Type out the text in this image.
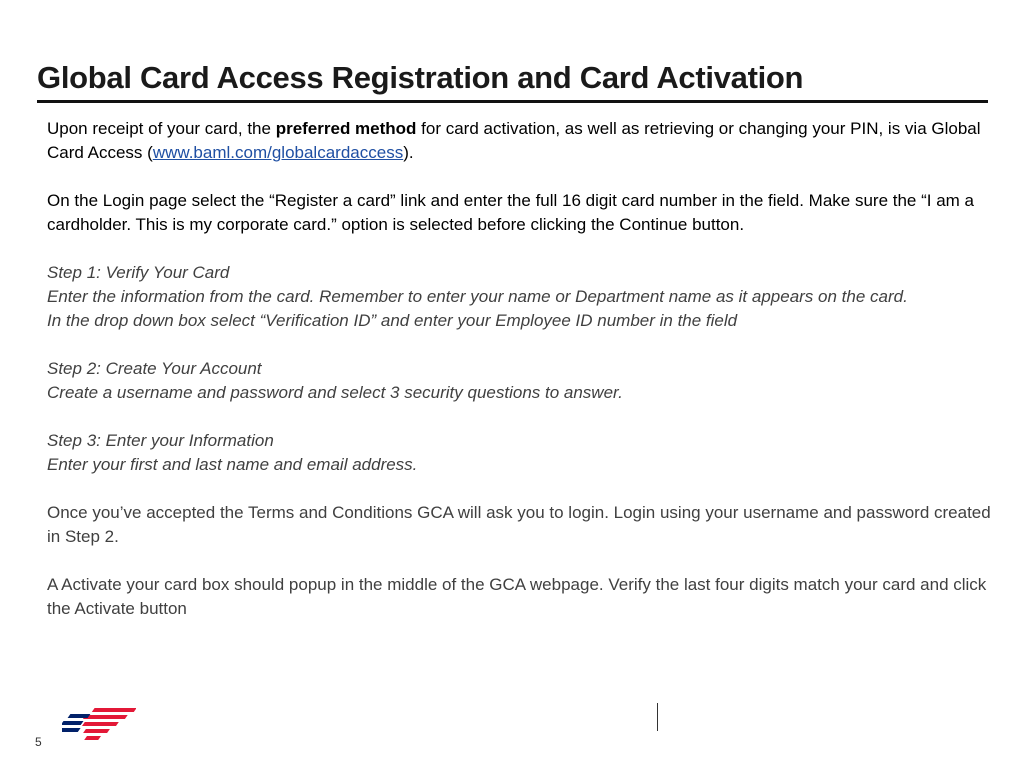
Global Card Access Registration and Card Activation

Upon receipt of your card, the preferred method for card activation, as well as retrieving or changing your PIN, is via Global Card Access (www.baml.com/globalcardaccess).

On the Login page select the “Register a card” link and enter the full 16 digit card number in the field. Make sure the “I am a cardholder. This is my corporate card.” option is selected before clicking the Continue button.

Step 1: Verify Your Card
Enter the information from the card. Remember to enter your name or Department name as it appears on the card.
In the drop down box select “Verification ID” and enter your Employee ID number in the field

Step 2: Create Your Account
Create a username and password and select 3 security questions to answer.

Step 3: Enter your Information
Enter your first and last name and email address.

Once you’ve accepted the Terms and Conditions GCA will ask you to login. Login using your username and password created in Step 2.

A Activate your card box should popup in the middle of the GCA webpage. Verify the last four digits match your card and click the Activate button

5
